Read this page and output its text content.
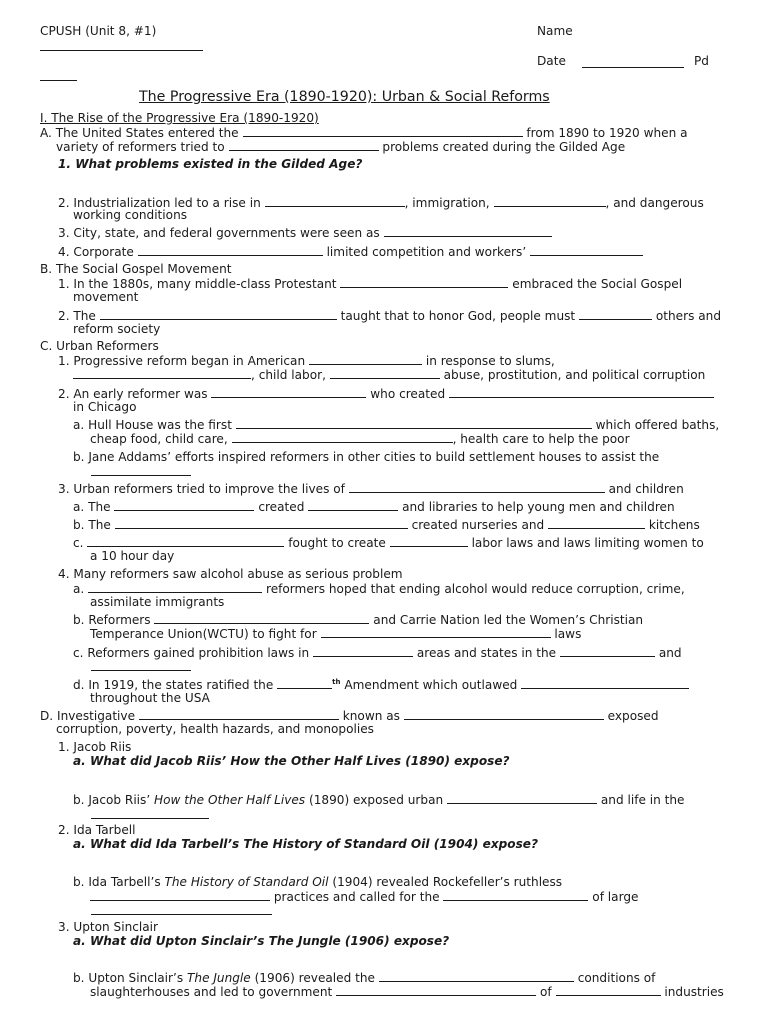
CPUSH (Unit 8, #1)	Name
Date	Pd
The Progressive Era (1890-1920): Urban & Social Reforms
I. The Rise of the Progressive Era (1890-1920)
A. The United States entered the	from 1890 to 1920 when a
variety of reformers tried to	problems created during the Gilded Age
1. What problems existed in the Gilded Age?
2. Industrialization led to a rise in	, immigration,	, and dangerous
working conditions
3. City, state, and federal governments were seen as
4. Corporate	limited competition and workers’
B. The Social Gospel Movement
1. In the 1880s, many middle-class Protestant	embraced the Social Gospel
movement
2. The	taught that to honor God, people must	others and
reform society
C. Urban Reformers
1. Progressive reform began in American	in response to slums,
, child labor,	abuse, prostitution, and political corruption
2. An early reformer was	who created
in Chicago
a. Hull House was the first	which offered baths,
cheap food, child care,	, health care to help the poor
b. Jane Addams’ efforts inspired reformers in other cities to build settlement houses to assist the
3. Urban reformers tried to improve the lives of	and children
a. The	created	and libraries to help young men and children
b. The	created nurseries and	kitchens
c.	fought to create	labor laws and laws limiting women to
a 10 hour day
4. Many reformers saw alcohol abuse as serious problem
a.	reformers hoped that ending alcohol would reduce corruption, crime,
assimilate immigrants
b. Reformers	and Carrie Nation led the Women’s Christian
Temperance Union(WCTU) to fight for	laws
c. Reformers gained prohibition laws in	areas and states in the	and
d. In 1919, the states ratified the	$^{th}$ Amendment which outlawed
throughout the USA
D. Investigative	known as	exposed
corruption, poverty, health hazards, and monopolies
1. Jacob Riis
a. What did Jacob Riis’ How the Other Half Lives (1890) expose?
b. Jacob Riis’ How the Other Half Lives (1890) exposed urban	and life in the
2. Ida Tarbell
a. What did Ida Tarbell’s The History of Standard Oil (1904) expose?
b. Ida Tarbell’s The History of Standard Oil (1904) revealed Rockefeller’s ruthless
practices and called for the	of large
3. Upton Sinclair
a. What did Upton Sinclair’s The Jungle (1906) expose?
b. Upton Sinclair’s The Jungle (1906) revealed the	conditions of
slaughterhouses and led to government	of	industries
